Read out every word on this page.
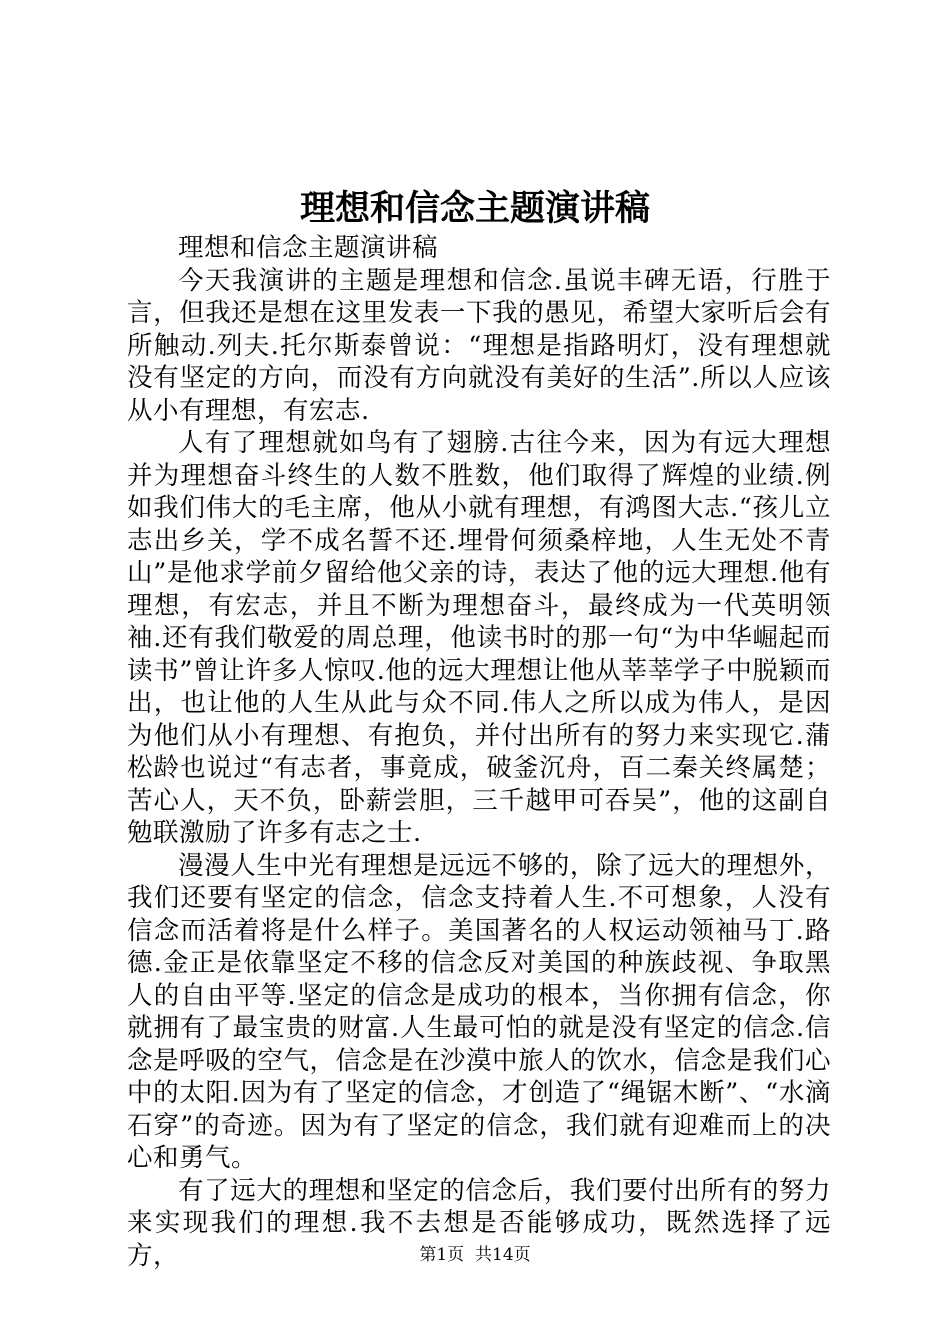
理想和信念主题演讲稿

理想和信念主题演讲稿

今天我演讲的主题是理想和信念.虽说丰碑无语，行胜于言，但我还是想在这里发表一下我的愚见，希望大家听后会有所触动.列夫.托尔斯泰曾说：“理想是指路明灯，没有理想就没有坚定的方向，而没有方向就没有美好的生活”.所以人应该从小有理想，有宏志.

人有了理想就如鸟有了翅膀.古往今来，因为有远大理想并为理想奋斗终生的人数不胜数，他们取得了辉煌的业绩.例如我们伟大的毛主席，他从小就有理想，有鸿图大志.“孩儿立志出乡关，学不成名誓不还.埋骨何须桑梓地，人生无处不青山”是他求学前夕留给他父亲的诗，表达了他的远大理想.他有理想，有宏志，并且不断为理想奋斗，最终成为一代英明领袖.还有我们敬爱的周总理，他读书时的那一句“为中华崛起而读书”曾让许多人惊叹.他的远大理想让他从莘莘学子中脱颖而出，也让他的人生从此与众不同.伟人之所以成为伟人，是因为他们从小有理想、有抱负，并付出所有的努力来实现它.蒲松龄也说过“有志者，事竟成，破釜沉舟，百二秦关终属楚；苦心人，天不负，卧薪尝胆，三千越甲可吞吴”，他的这副自勉联激励了许多有志之士.

漫漫人生中光有理想是远远不够的，除了远大的理想外，我们还要有坚定的信念，信念支持着人生.不可想象，人没有信念而活着将是什么样子。美国著名的人权运动领袖马丁.路德.金正是依靠坚定不移的信念反对美国的种族歧视、争取黑人的自由平等.坚定的信念是成功的根本，当你拥有信念，你就拥有了最宝贵的财富.人生最可怕的就是没有坚定的信念.信念是呼吸的空气，信念是在沙漠中旅人的饮水，信念是我们心中的太阳.因为有了坚定的信念，才创造了“绳锯木断”、“水滴石穿”的奇迹。因为有了坚定的信念，我们就有迎难而上的决心和勇气。

有了远大的理想和坚定的信念后，我们要付出所有的努力来实现我们的理想.我不去想是否能够成功，既然选择了远方，	第1页 共14页
